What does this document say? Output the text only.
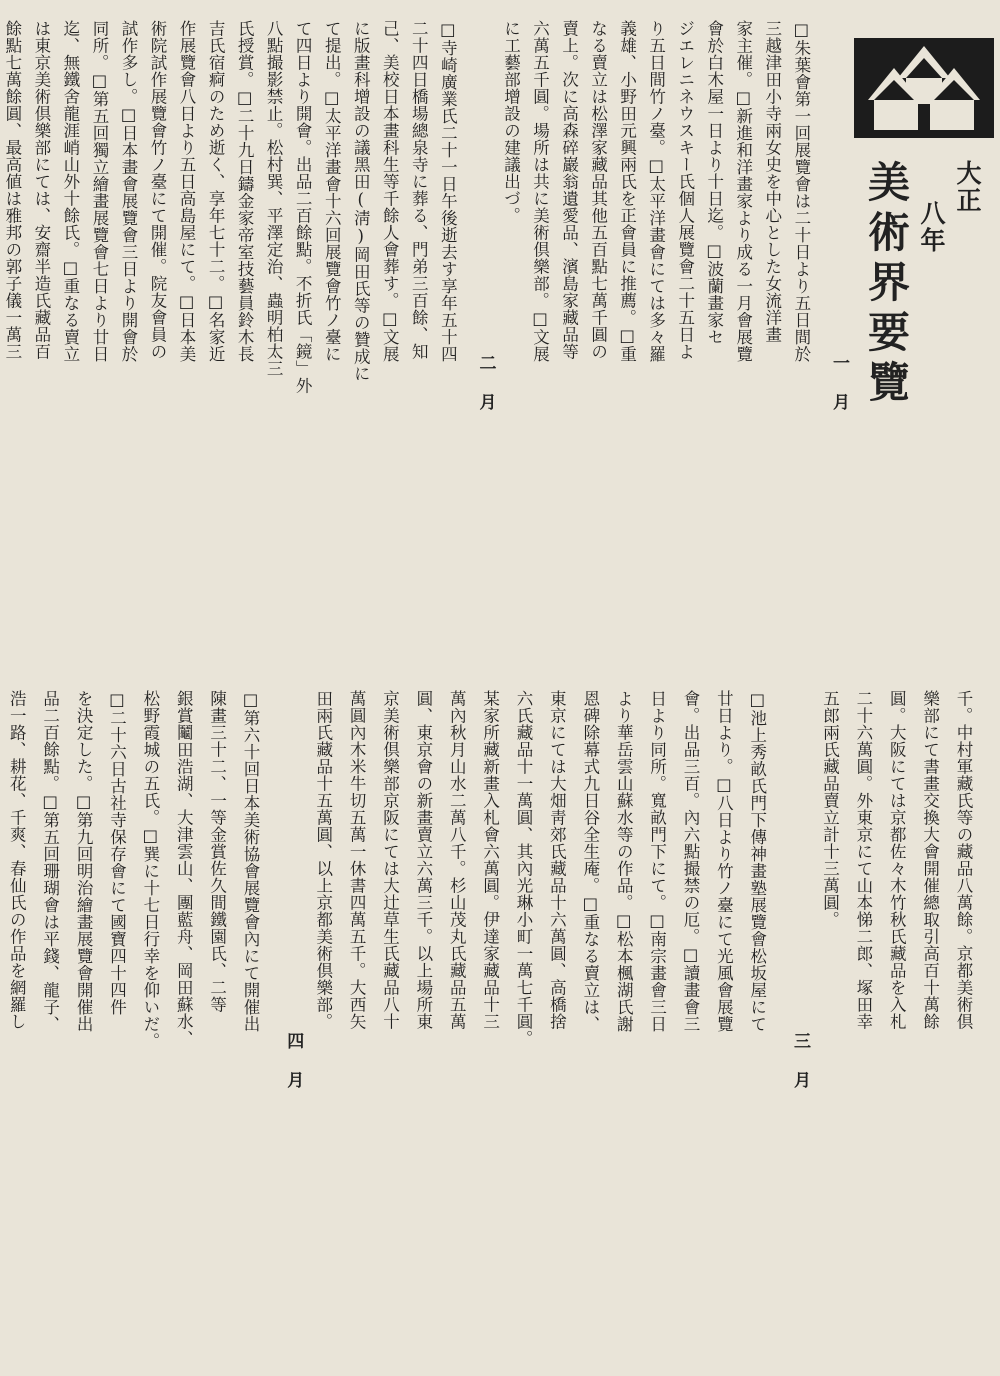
大正
八年
美術界要覽
一月
□朱葉會第一回展覽會は二十日より五日間於
三越津田小寺兩女史を中心とした女流洋畫
家主催。□新進和洋畫家より成る一月會展覽
會於白木屋一日より十日迄。□波蘭畫家セ
ジエレニネウスキー氏個人展覽會二十五日よ
り五日間竹ノ臺。□太平洋畫會にては多々羅
義雄、小野田元興兩氏を正會員に推薦。□重
なる賣立は松澤家藏品其他五百點七萬千圓の
賣上。次に高森碎巖翁遺愛品、濱島家藏品等
六萬五千圓。場所は共に美術倶樂部。□文展
に工藝部增設の建議出づ。
二月
□寺崎廣業氏二十一日午後逝去す享年五十四
二十四日橋場總泉寺に葬る、門弟三百餘、知
己、美校日本畫科生等千餘人會葬す。□文展
に版畫科增設の議黑田(淸)岡田氏等の贊成に
て提出。□太平洋畫會十六回展覽會竹ノ臺に
て四日より開會。出品二百餘點。不折氏「鏡」外
八點撮影禁止。松村巽、平澤定治、蟲明柏太三
氏授賞。□二十九日鑄金家帝室技藝員鈴木長
吉氏宿痾のため逝く、享年七十二。□名家近
作展覽會八日より五日高島屋にて。□日本美
術院試作展覽會竹ノ臺にて開催。院友會員の
試作多し。□日本畫會展覽會三日より開會於
同所。□第五回獨立繪畫展覽會七日より廿日
迄、無鐵舍龍涯峭山外十餘氏。□重なる賣立
は東京美術倶樂部にては、安齋半造氏藏品百
餘點七萬餘圓、最高値は雅邦の郭子儀一萬三
千。中村軍藏氏等の藏品八萬餘。京都美術倶
樂部にて書畫交換大會開催總取引高百十萬餘
圓。大阪にては京都佐々木竹秋氏藏品を入札
二十六萬圓。外東京にて山本悌二郎、塚田幸
五郎兩氏藏品賣立計十三萬圓。
三月
□池上秀畝氏門下傳神畫塾展覽會松坂屋にて
廿日より。□八日より竹ノ臺にて光風會展覽
會。出品三百。內六點撮禁の厄。□讀畫會三
日より同所。寬畝門下にて。□南宗畫會三日
より華岳雲山蘇水等の作品。□松本楓湖氏謝
恩碑除幕式九日谷全生庵。□重なる賣立は、
東京にては大畑靑郊氏藏品十六萬圓、高橋捨
六氏藏品十一萬圓、其內光琳小町一萬七千圓。
某家所藏新畫入札會六萬圓。伊達家藏品十三
萬內秋月山水二萬八千。杉山茂丸氏藏品五萬
圓、東京會の新畫賣立六萬三千。以上場所東
京美術倶樂部京阪にては大辻草生氏藏品八十
萬圓內木米牛切五萬一休書四萬五千。大西矢
田兩氏藏品十五萬圓、以上京都美術倶樂部。
四月
□第六十回日本美術協會展覽會內にて開催出
陳畫三十二、一等金賞佐久間鐵園氏、二等
銀賞鬮田浩湖、大津雲山、團藍舟、岡田蘇水、
松野霞城の五氏。□巽に十七日行幸を仰いだ。
□二十六日古社寺保存會にて國寶四十四件
を決定した。□第九回明治繪畫展覽會開催出
品二百餘點。□第五回珊瑚會は平錢、龍子、
浩一路、耕花、千爽、春仙氏の作品を網羅し
